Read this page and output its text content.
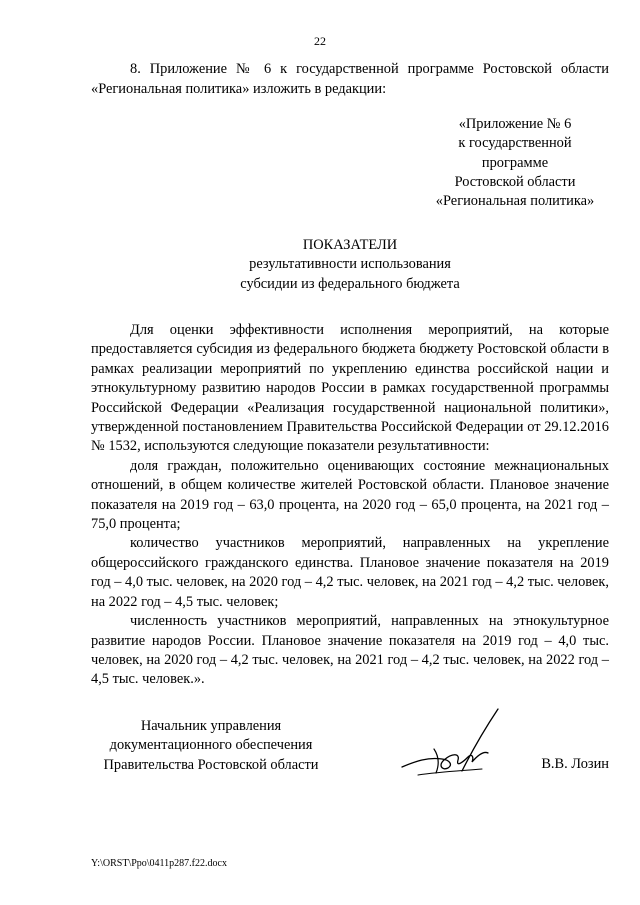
22
8. Приложение № 6 к государственной программе Ростовской области «Региональная политика» изложить в редакции:
«Приложение № 6
к государственной
программе
Ростовской области
«Региональная политика»
ПОКАЗАТЕЛИ
результативности использования
субсидии из федерального бюджета

Для оценки эффективности исполнения мероприятий, на которые предоставляется субсидия из федерального бюджета бюджету Ростовской области в рамках реализации мероприятий по укреплению единства российской нации и этнокультурному развитию народов России в рамках государственной программы Российской Федерации «Реализация государственной национальной политики», утвержденной постановлением Правительства Российской Федерации от 29.12.2016 № 1532, используются следующие показатели результативности:

доля граждан, положительно оценивающих состояние межнациональных отношений, в общем количестве жителей Ростовской области. Плановое значение показателя на 2019 год – 63,0 процента, на 2020 год – 65,0 процента, на 2021 год – 75,0 процента;

количество участников мероприятий, направленных на укрепление общероссийского гражданского единства. Плановое значение показателя на 2019 год – 4,0 тыс. человек, на 2020 год – 4,2 тыс. человек, на 2021 год – 4,2 тыс. человек, на 2022 год – 4,5 тыс. человек;

численность участников мероприятий, направленных на этнокультурное развитие народов России. Плановое значение показателя на 2019 год – 4,0 тыс. человек, на 2020 год – 4,2 тыс. человек, на 2021 год – 4,2 тыс. человек, на 2022 год – 4,5 тыс. человек.».

Начальник управления
документационного обеспечения
Правительства Ростовской области	В.В. Лозин
Y:\ORST\Ppo\0411p287.f22.docx
